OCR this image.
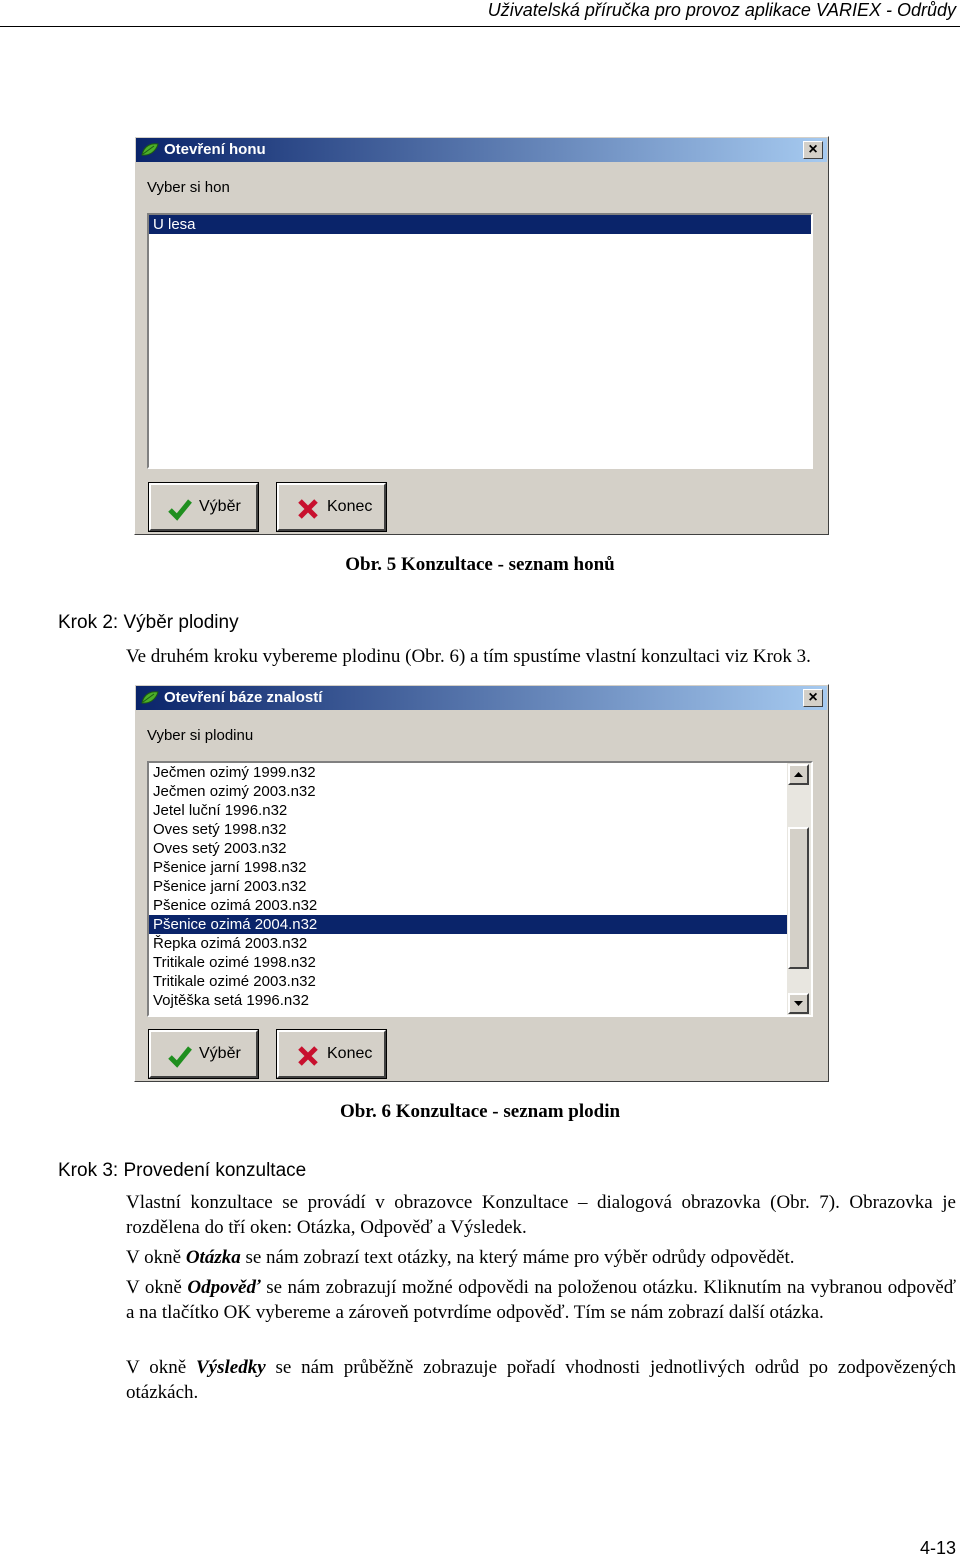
Uživatelská příručka pro provoz aplikace VARIEX - Odrůdy
Otevření honu	×
Vyber si hon
U lesa
Výběr	Konec
Obr. 5 Konzultace - seznam honů
Krok 2: Výběr plodiny

Ve druhém kroku vybereme plodinu (Obr. 6) a tím spustíme vlastní konzultaci viz Krok 3.

Otevření báze znalostí	×
Vyber si plodinu
Ječmen ozimý 1999.n32
Ječmen ozimý 2003.n32
Jetel luční 1996.n32
Oves setý 1998.n32
Oves setý 2003.n32
Pšenice jarní 1998.n32
Pšenice jarní 2003.n32
Pšenice ozimá 2003.n32
Pšenice ozimá 2004.n32
Řepka ozimá 2003.n32
Tritikale ozimé 1998.n32
Tritikale ozimé 2003.n32
Vojtěška setá 1996.n32
Výběr	Konec
Obr. 6 Konzultace - seznam plodin
Krok 3: Provedení konzultace

Vlastní konzultace se provádí v obrazovce Konzultace – dialogová obrazovka (Obr. 7). Obrazovka je rozdělena do tří oken: Otázka, Odpověď a Výsledek.

V okně Otázka se nám zobrazí text otázky, na který máme pro výběr odrůdy odpovědět.

V okně Odpověď se nám zobrazují možné odpovědi na položenou otázku. Kliknutím na vybranou odpověď a na tlačítko OK vybereme a zároveň potvrdíme odpověď. Tím se nám zobrazí další otázka.

V okně Výsledky se nám průběžně zobrazuje pořadí vhodnosti jednotlivých odrůd po zodpovězených otázkách.

4-13
